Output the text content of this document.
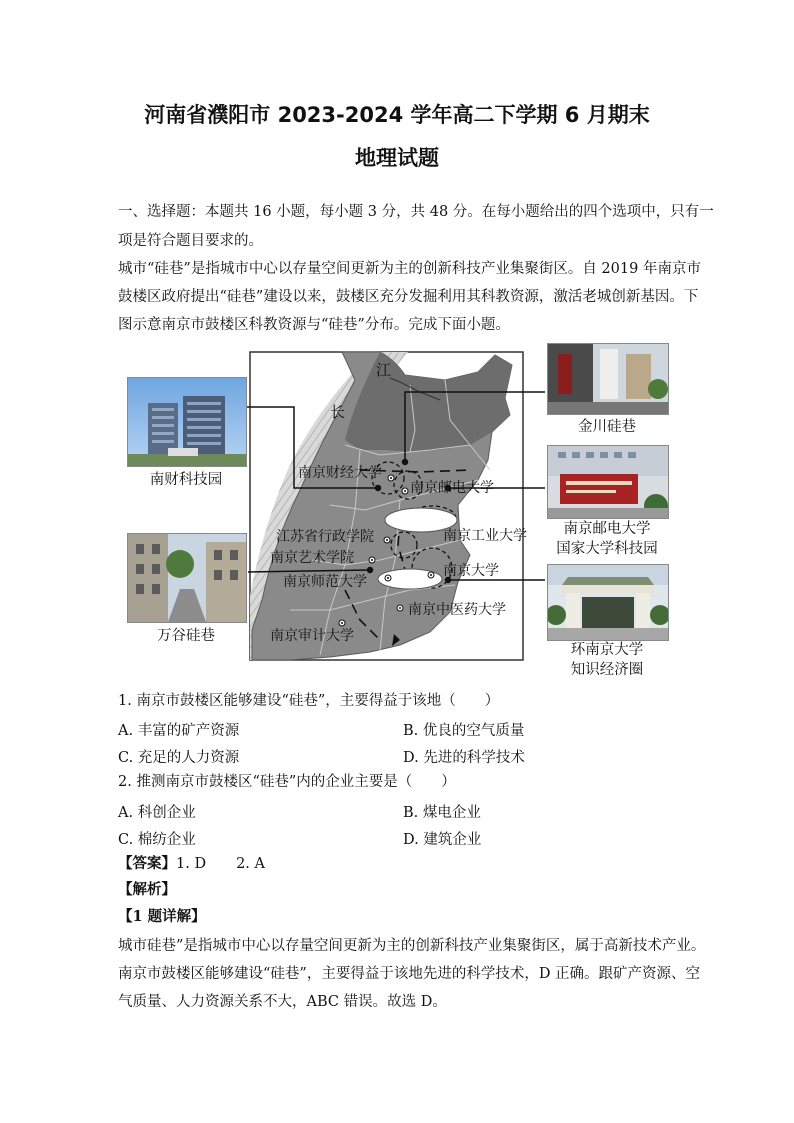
河南省濮阳市 2023-2024 学年高二下学期 6 月期末
地理试题
一、选择题：本题共 16 小题，每小题 3 分，共 48 分。在每小题给出的四个选项中，只有一
项是符合题目要求的。
城市“硅巷”是指城市中心以存量空间更新为主的创新科技产业集聚街区。自 2019 年南京市
鼓楼区政府提出“硅巷”建设以来，鼓楼区充分发掘利用其科教资源，激活老城创新基因。下
图示意南京市鼓楼区科教资源与“硅巷”分布。完成下面小题。
江
长
南京财经大学
南京邮电大学
江苏省行政学院	南京工业大学
南京艺术学院
南京师范大学
南京大学
南京中医药大学
南京审计大学
南财科技园
金川硅巷
南京邮电大学
国家大学科技园
万谷硅巷
环南京大学
知识经济圈
1. 南京市鼓楼区能够建设“硅巷”，主要得益于该地（　　）
A. 丰富的矿产资源	B. 优良的空气质量
C. 充足的人力资源	D. 先进的科学技术
2. 推测南京市鼓楼区“硅巷”内的企业主要是（　　）
A. 科创企业	B. 煤电企业
C. 棉纺企业	D. 建筑企业
【答案】1. D 2. A
【解析】
【1 题详解】
城市硅巷”是指城市中心以存量空间更新为主的创新科技产业集聚街区，属于高新技术产业。
南京市鼓楼区能够建设“硅巷”，主要得益于该地先进的科学技术，D 正确。跟矿产资源、空
气质量、人力资源关系不大，ABC 错误。故选 D。
